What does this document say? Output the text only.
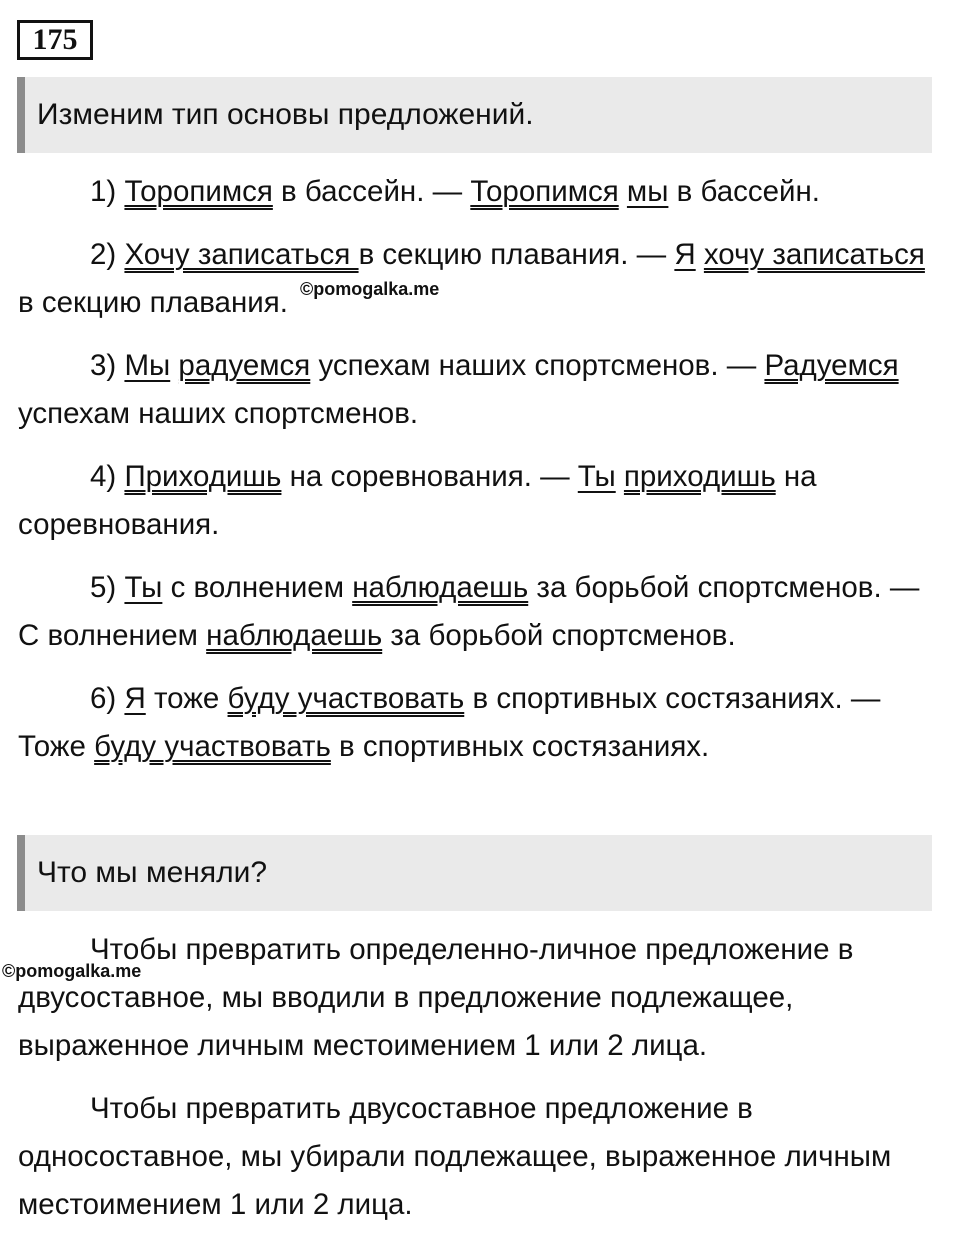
175
Изменим тип основы предложений.

1) Торопимся в бассейн. — Торопимся мы в бассейн.

2) Хочу записаться в секцию плавания. — Я хочу записаться в секцию плавания.

3) Мы радуемся успехам наших спортсменов. — Радуемся успехам наших спортсменов.

4) Приходишь на соревнования. — Ты приходишь на соревнования.

5) Ты с волнением наблюдаешь за борьбой спортсменов. — С волнением наблюдаешь за борьбой спортсменов.

6) Я тоже буду участвовать в спортивных состязаниях. — Тоже буду участвовать в спортивных состязаниях.

Что мы меняли?

Чтобы превратить определенно-личное предложение в двусоставное, мы вводили в предложение подлежащее, выраженное личным местоимением 1 или 2 лица.

Чтобы превратить двусоставное предложение в односоставное, мы убирали подлежащее, выраженное личным местоимением 1 или 2 лица.

©pomogalka.me
©pomogalka.me
